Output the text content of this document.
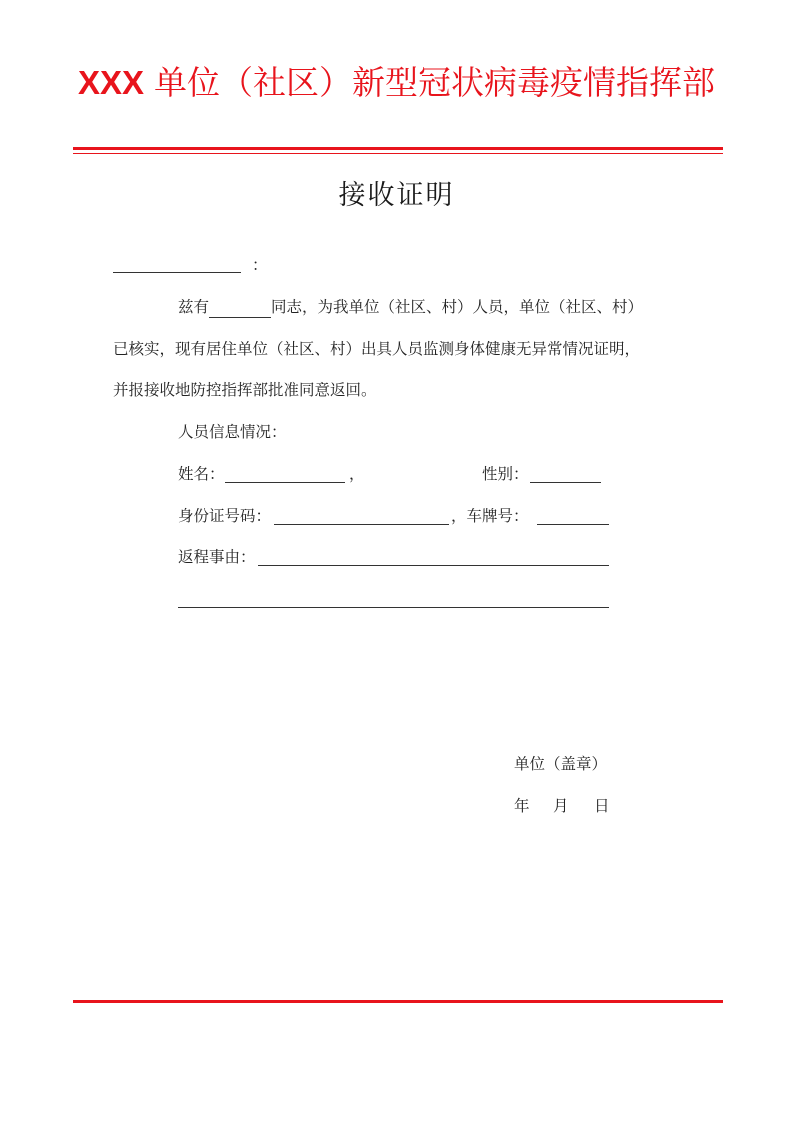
XXX 单位（社区）新型冠状病毒疫情指挥部
接收证明
：
兹有	同志，为我单位（社区、村）人员，单位（社区、村）
已核实，现有居住单位（社区、村）出具人员监测身体健康无异常情况证明，
并报接收地防控指挥部批准同意返回。
人员信息情况：
姓名：	，	性别：
身份证号码：	，车牌号：
返程事由：
单位（盖章）
年 月 日
